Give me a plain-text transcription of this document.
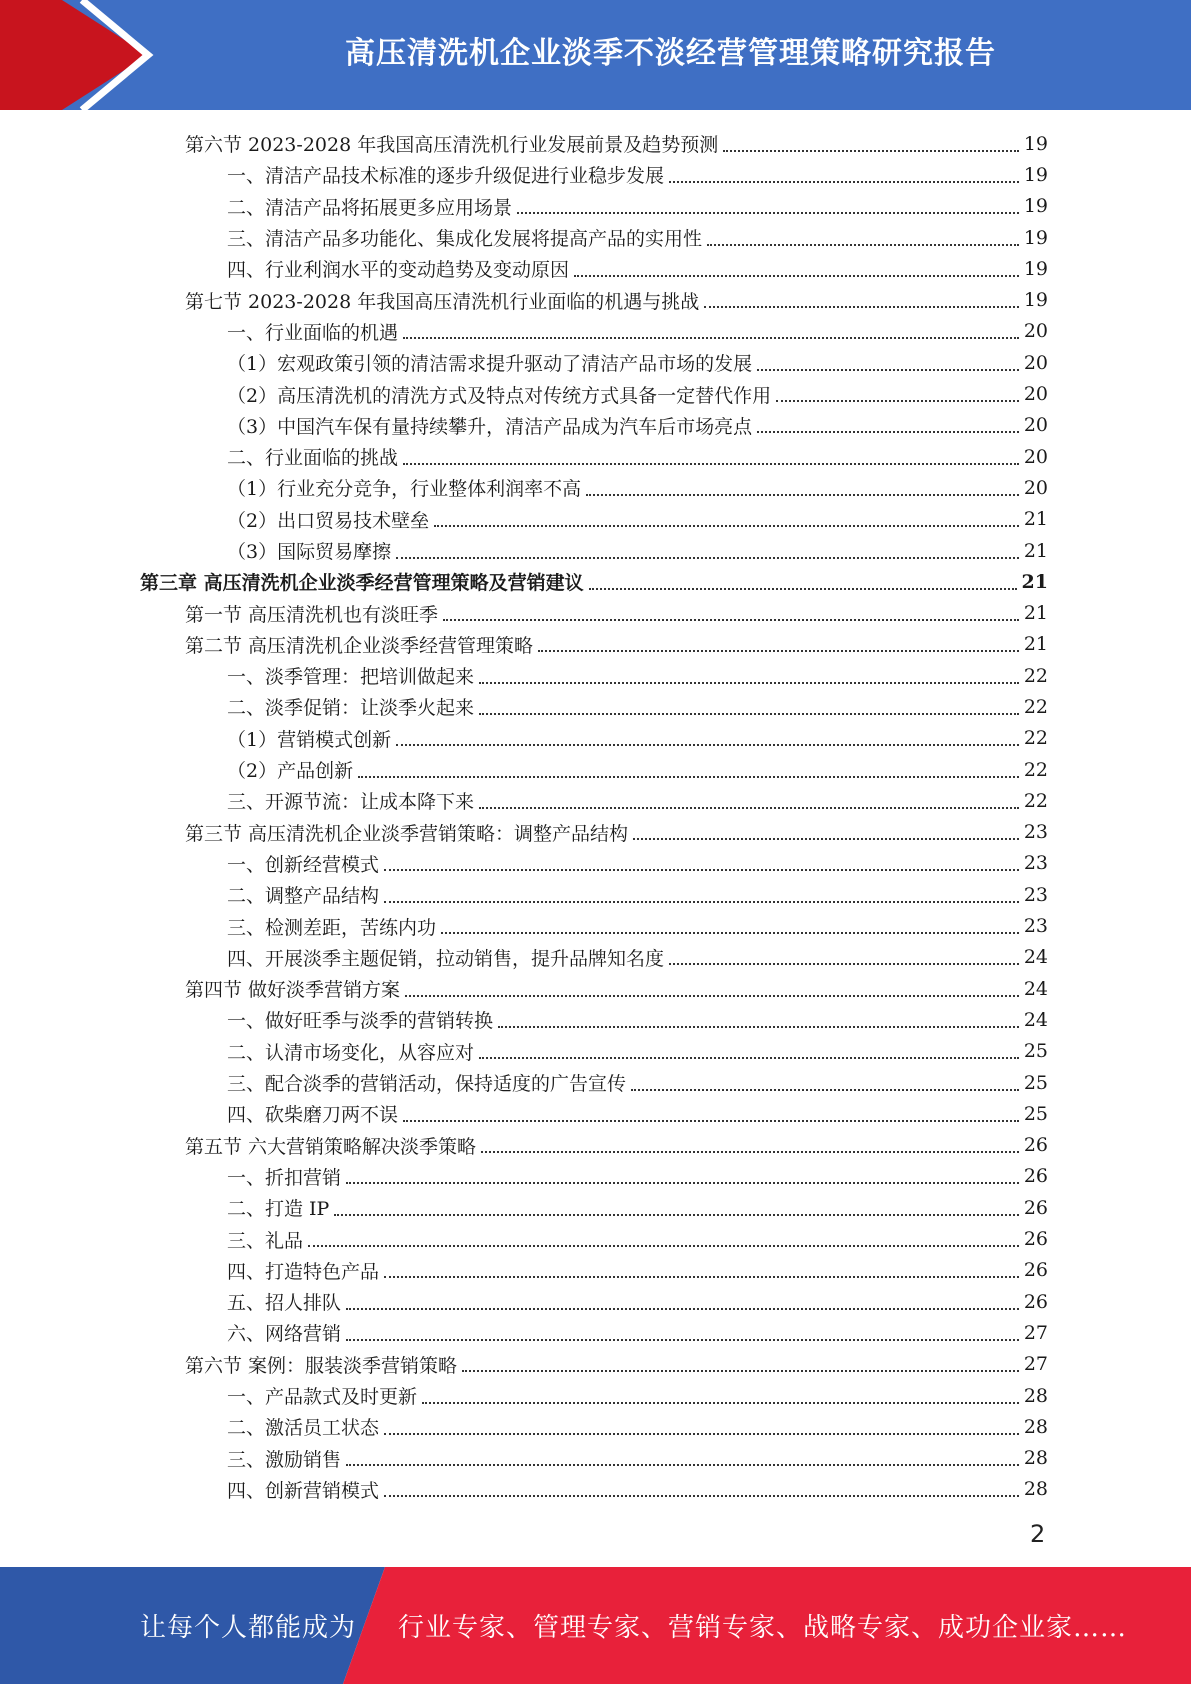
高压清洗机企业淡季不淡经营管理策略研究报告
第六节 2023-2028 年我国高压清洗机行业发展前景及趋势预测	19
一、清洁产品技术标准的逐步升级促进行业稳步发展	19
二、清洁产品将拓展更多应用场景	19
三、清洁产品多功能化、集成化发展将提高产品的实用性	19
四、行业利润水平的变动趋势及变动原因	19
第七节 2023-2028 年我国高压清洗机行业面临的机遇与挑战	19
一、行业面临的机遇	20
（1）宏观政策引领的清洁需求提升驱动了清洁产品市场的发展	20
（2）高压清洗机的清洗方式及特点对传统方式具备一定替代作用	20
（3）中国汽车保有量持续攀升，清洁产品成为汽车后市场亮点	20
二、行业面临的挑战	20
（1）行业充分竞争，行业整体利润率不高	20
（2）出口贸易技术壁垒	21
（3）国际贸易摩擦	21
第三章 高压清洗机企业淡季经营管理策略及营销建议	21
第一节 高压清洗机也有淡旺季	21
第二节 高压清洗机企业淡季经营管理策略	21
一、淡季管理：把培训做起来	22
二、淡季促销：让淡季火起来	22
（1）营销模式创新	22
（2）产品创新	22
三、开源节流：让成本降下来	22
第三节 高压清洗机企业淡季营销策略：调整产品结构	23
一、创新经营模式	23
二、调整产品结构	23
三、检测差距，苦练内功	23
四、开展淡季主题促销，拉动销售，提升品牌知名度	24
第四节 做好淡季营销方案	24
一、做好旺季与淡季的营销转换	24
二、认清市场变化，从容应对	25
三、配合淡季的营销活动，保持适度的广告宣传	25
四、砍柴磨刀两不误	25
第五节 六大营销策略解决淡季策略	26
一、折扣营销	26
二、打造 IP	26
三、礼品	26
四、打造特色产品	26
五、招人排队	26
六、网络营销	27
第六节 案例：服装淡季营销策略	27
一、产品款式及时更新	28
二、激活员工状态	28
三、激励销售	28
四、创新营销模式	28
2
让每个人都能成为 行业专家、管理专家、营销专家、战略专家、成功企业家……
